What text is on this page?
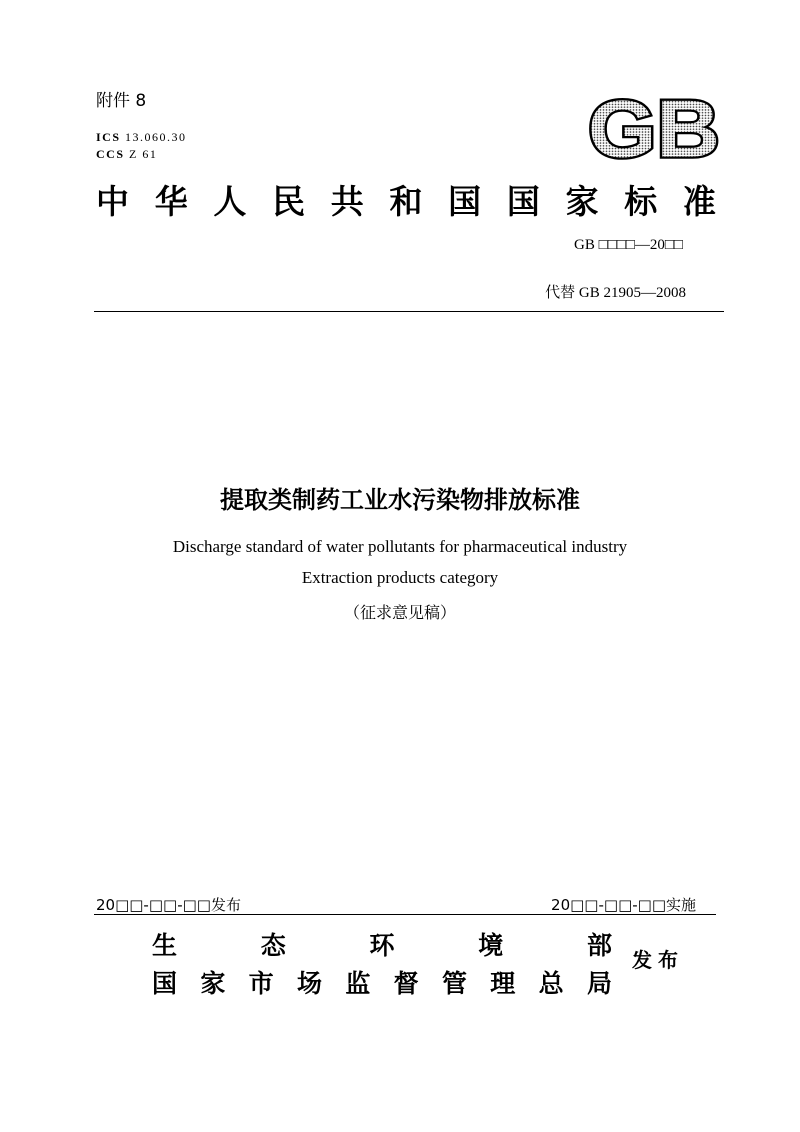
附件 8
ICS 13.060.30
CCS Z 61	GB
中 华 人 民 共 和 国 国 家 标 准
GB □□□□—20□□
代替 GB 21905—2008
提取类制药工业水污染物排放标准
Discharge standard of water pollutants for pharmaceutical industry
Extraction products category
（征求意见稿）
20□□-□□-□□发布	20□□-□□-□□实施
生	态	环	境	部
国 家 市 场 监 督 管 理 总 局
发布
